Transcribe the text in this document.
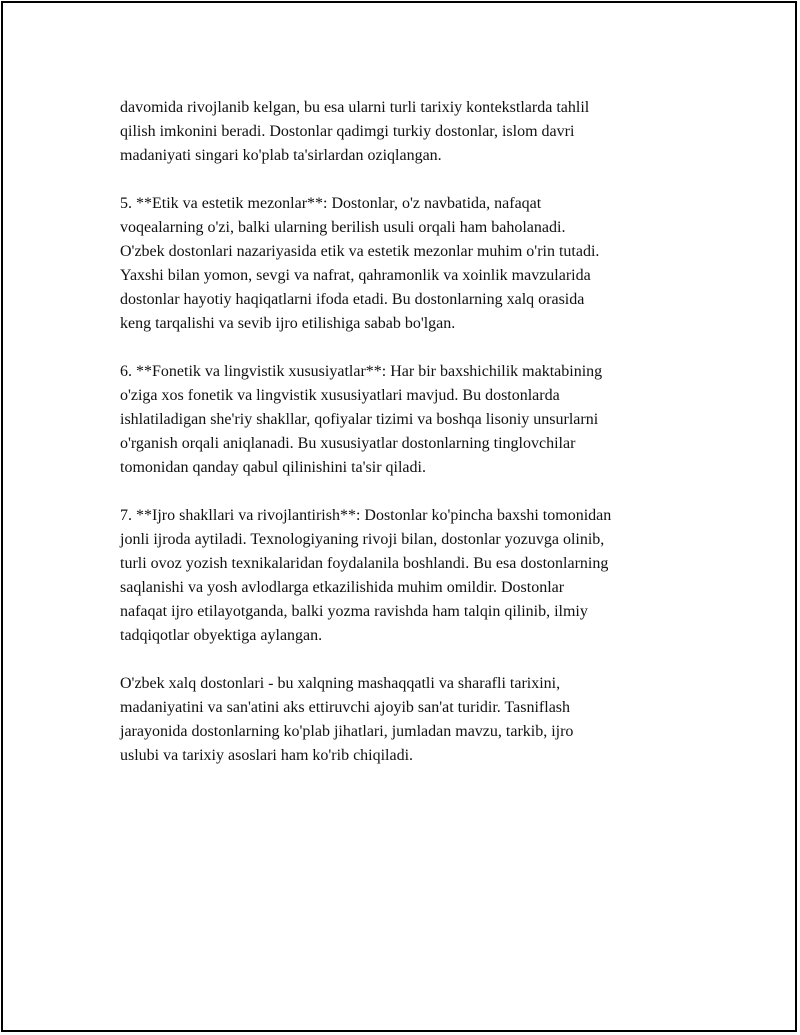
davomida rivojlanib kelgan, bu esa ularni turli tarixiy kontekstlarda tahlil
qilish imkonini beradi. Dostonlar qadimgi turkiy dostonlar, islom davri
madaniyati singari ko'plab ta'sirlardan oziqlangan.

5. **Etik va estetik mezonlar**: Dostonlar, o'z navbatida, nafaqat
voqealarning o'zi, balki ularning berilish usuli orqali ham baholanadi.
O'zbek dostonlari nazariyasida etik va estetik mezonlar muhim o'rin tutadi.
Yaxshi bilan yomon, sevgi va nafrat, qahramonlik va xoinlik mavzularida
dostonlar hayotiy haqiqatlarni ifoda etadi. Bu dostonlarning xalq orasida
keng tarqalishi va sevib ijro etilishiga sabab bo'lgan.

6. **Fonetik va lingvistik xususiyatlar**: Har bir baxshichilik maktabining
o'ziga xos fonetik va lingvistik xususiyatlari mavjud. Bu dostonlarda
ishlatiladigan she'riy shakllar, qofiyalar tizimi va boshqa lisoniy unsurlarni
o'rganish orqali aniqlanadi. Bu xususiyatlar dostonlarning tinglovchilar
tomonidan qanday qabul qilinishini ta'sir qiladi.

7. **Ijro shakllari va rivojlantirish**: Dostonlar ko'pincha baxshi tomonidan
jonli ijroda aytiladi. Texnologiyaning rivoji bilan, dostonlar yozuvga olinib,
turli ovoz yozish texnikalaridan foydalanila boshlandi. Bu esa dostonlarning
saqlanishi va yosh avlodlarga etkazilishida muhim omildir. Dostonlar
nafaqat ijro etilayotganda, balki yozma ravishda ham talqin qilinib, ilmiy
tadqiqotlar obyektiga aylangan.

O'zbek xalq dostonlari - bu xalqning mashaqqatli va sharafli tarixini,
madaniyatini va san'atini aks ettiruvchi ajoyib san'at turidir. Tasniflash
jarayonida dostonlarning ko'plab jihatlari, jumladan mavzu, tarkib, ijro
uslubi va tarixiy asoslari ham ko'rib chiqiladi.
